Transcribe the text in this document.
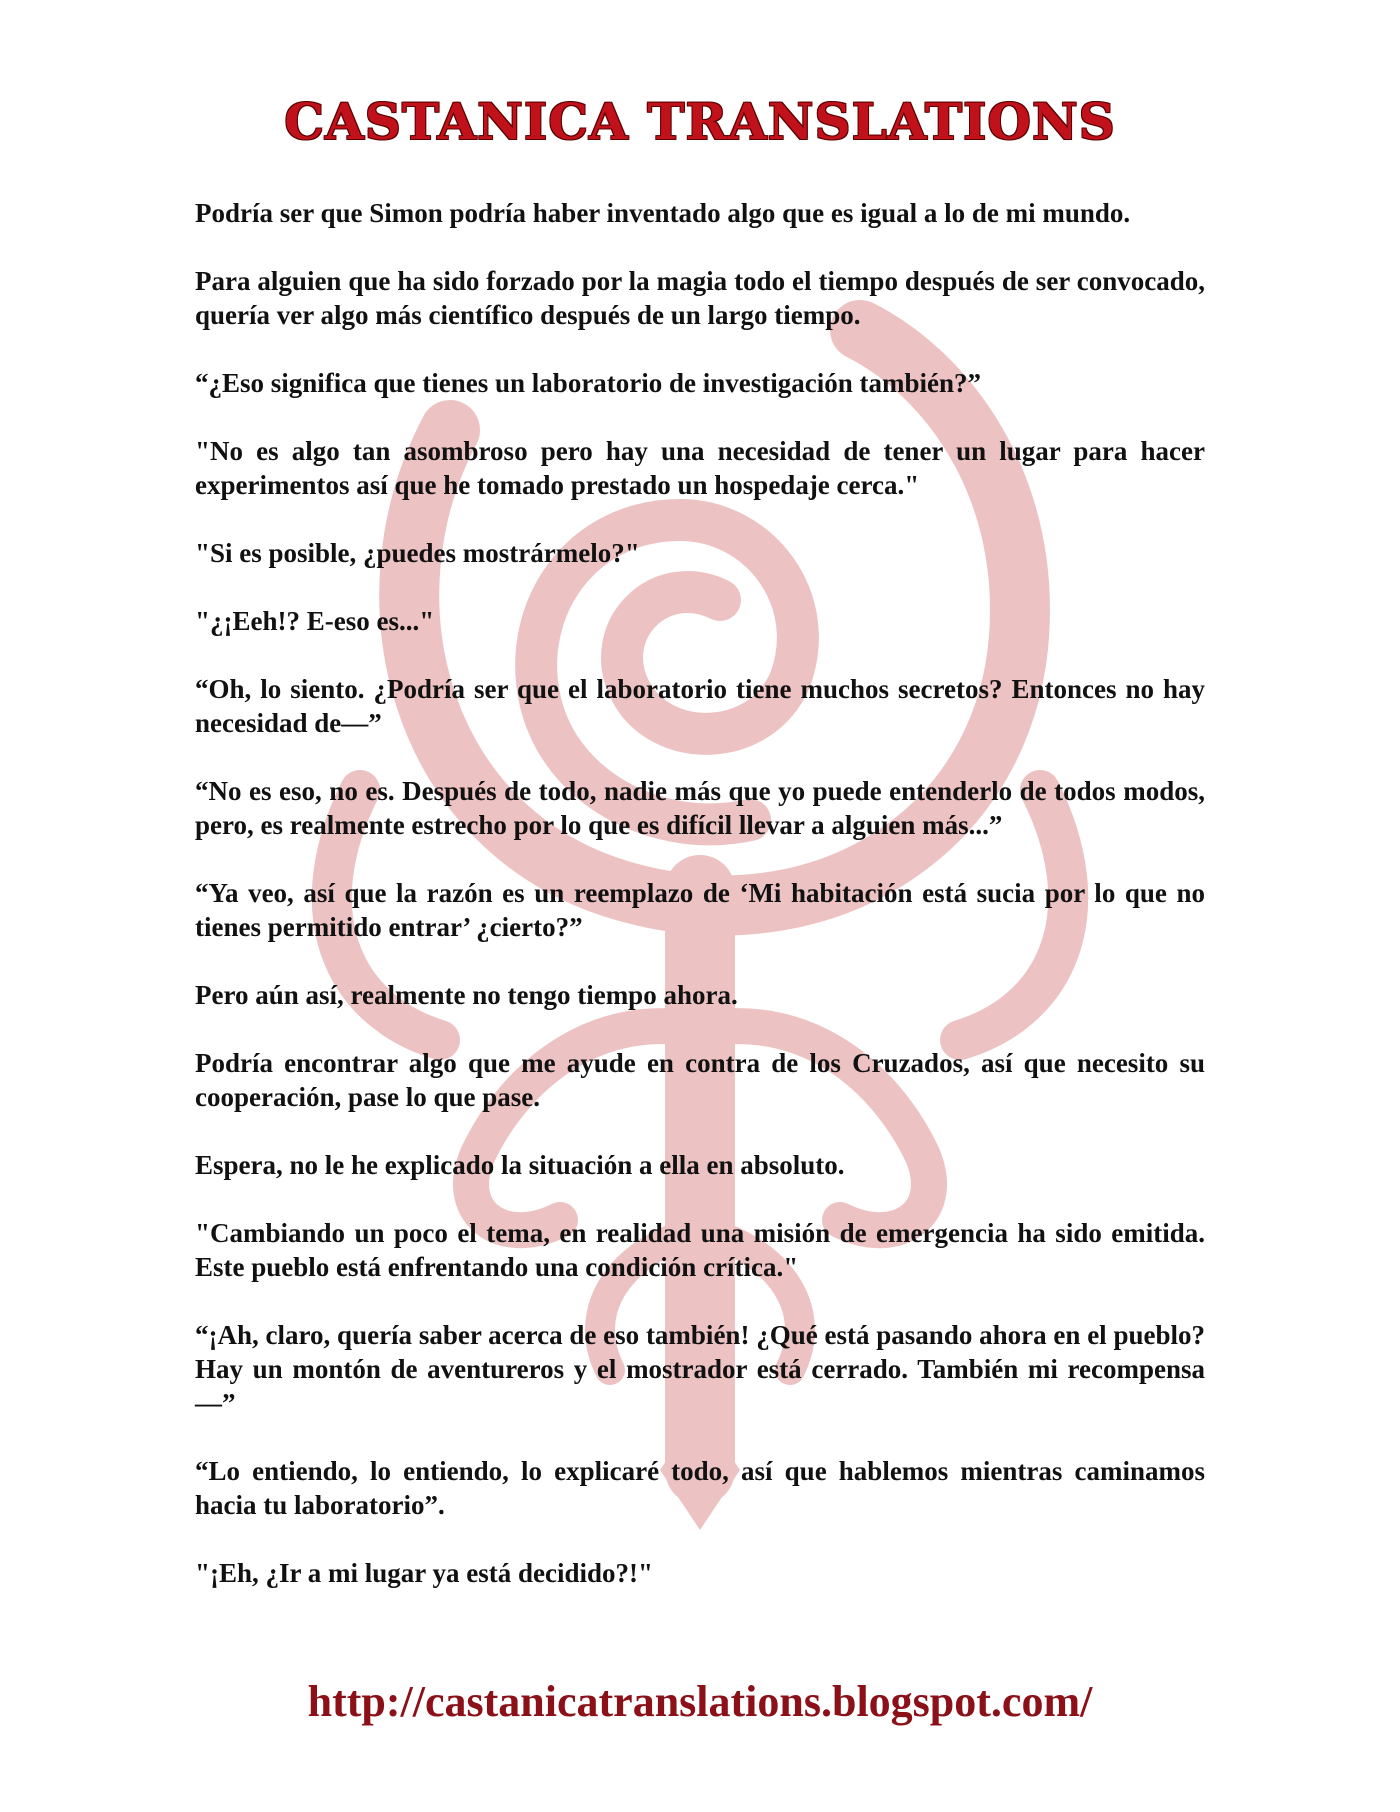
CASTANICA TRANSLATIONS

Podría ser que Simon podría haber inventado algo que es igual a lo de mi mundo.

Para alguien que ha sido forzado por la magia todo el tiempo después de ser convocado, quería ver algo más científico después de un largo tiempo.

“¿Eso significa que tienes un laboratorio de investigación también?”

"No es algo tan asombroso pero hay una necesidad de tener un lugar para hacer experimentos así que he tomado prestado un hospedaje cerca."

"Si es posible, ¿puedes mostrármelo?"

"¿¡Eeh!? E-eso es..."

“Oh, lo siento. ¿Podría ser que el laboratorio tiene muchos secretos? Entonces no hay necesidad de—”

“No es eso, no es. Después de todo, nadie más que yo puede entenderlo de todos modos, pero, es realmente estrecho por lo que es difícil llevar a alguien más...”

“Ya veo, así que la razón es un reemplazo de ‘Mi habitación está sucia por lo que no tienes permitido entrar’ ¿cierto?”

Pero aún así, realmente no tengo tiempo ahora.

Podría encontrar algo que me ayude en contra de los Cruzados, así que necesito su cooperación, pase lo que pase.

Espera, no le he explicado la situación a ella en absoluto.

"Cambiando un poco el tema, en realidad una misión de emergencia ha sido emitida. Este pueblo está enfrentando una condición crítica."

“¡Ah, claro, quería saber acerca de eso también! ¿Qué está pasando ahora en el pueblo? Hay un montón de aventureros y el mostrador está cerrado. También mi recompensa—”

“Lo entiendo, lo entiendo, lo explicaré todo, así que hablemos mientras caminamos hacia tu laboratorio”.

"¡Eh, ¿Ir a mi lugar ya está decidido?!"

http://castanicatranslations.blogspot.com/
